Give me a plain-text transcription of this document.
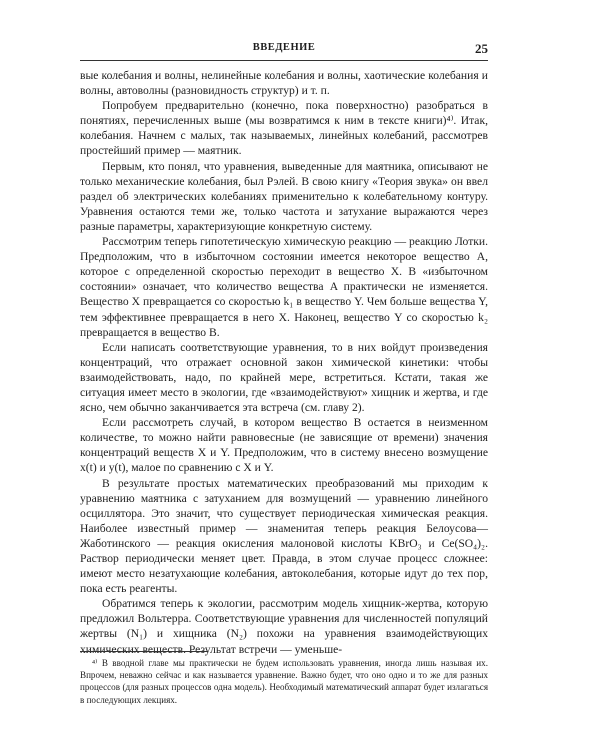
ВВЕДЕНИЕ	25

вые колебания и волны, нелинейные колебания и волны, хаотические колебания и волны, автоволны (разновидность структур) и т. п.

Попробуем предварительно (конечно, пока поверхностно) разобраться в понятиях, перечисленных выше (мы возвратимся к ним в тексте книги)⁴⁾. Итак, колебания. Начнем с малых, так называемых, линейных колебаний, рассмотрев простейший пример — маятник.

Первым, кто понял, что уравнения, выведенные для маятника, описывают не только механические колебания, был Рэлей. В свою книгу «Теория звука» он ввел раздел об электрических колебаниях применительно к колебательному контуру. Уравнения остаются теми же, только частота и затухание выражаются через разные параметры, характеризующие конкретную систему.

Рассмотрим теперь гипотетическую химическую реакцию — реакцию Лотки. Предположим, что в избыточном состоянии имеется некоторое вещество A, которое с определенной скоростью переходит в вещество X. В «избыточном состоянии» означает, что количество вещества A практически не изменяется. Вещество X превращается со скоростью k₁ в вещество Y. Чем больше вещества Y, тем эффективнее превращается в него X. Наконец, вещество Y со скоростью k₂ превращается в вещество B.

Если написать соответствующие уравнения, то в них войдут произведения концентраций, что отражает основной закон химической кинетики: чтобы взаимодействовать, надо, по крайней мере, встретиться. Кстати, такая же ситуация имеет место в экологии, где «взаимодействуют» хищник и жертва, и где ясно, чем обычно заканчивается эта встреча (см. главу 2).

Если рассмотреть случай, в котором вещество B остается в неизменном количестве, то можно найти равновесные (не зависящие от времени) значения концентраций веществ X и Y. Предположим, что в систему внесено возмущение x(t) и y(t), малое по сравнению с X и Y.

В результате простых математических преобразований мы приходим к уравнению маятника с затуханием для возмущений — уравнению линейного осциллятора. Это значит, что существует периодическая химическая реакция. Наиболее известный пример — знаменитая теперь реакция Белоусова—Жаботинского — реакция окисления малоновой кислоты KBrO₃ и Ce(SO₄)₂. Раствор периодически меняет цвет. Правда, в этом случае процесс сложнее: имеют место незатухающие колебания, автоколебания, которые идут до тех пор, пока есть реагенты.

Обратимся теперь к экологии, рассмотрим модель хищник-жертва, которую предложил Вольтерра. Соответствующие уравнения для численностей популяций жертвы (N₁) и хищника (N₂) похожи на уравнения взаимодействующих химических веществ. Результат встречи — уменьше-

⁴⁾ В вводной главе мы практически не будем использовать уравнения, иногда лишь называя их. Впрочем, неважно сейчас и как называется уравнение. Важно будет, что оно одно и то же для разных процессов (для разных процессов одна модель). Необходимый математический аппарат будет излагаться в последующих лекциях.
